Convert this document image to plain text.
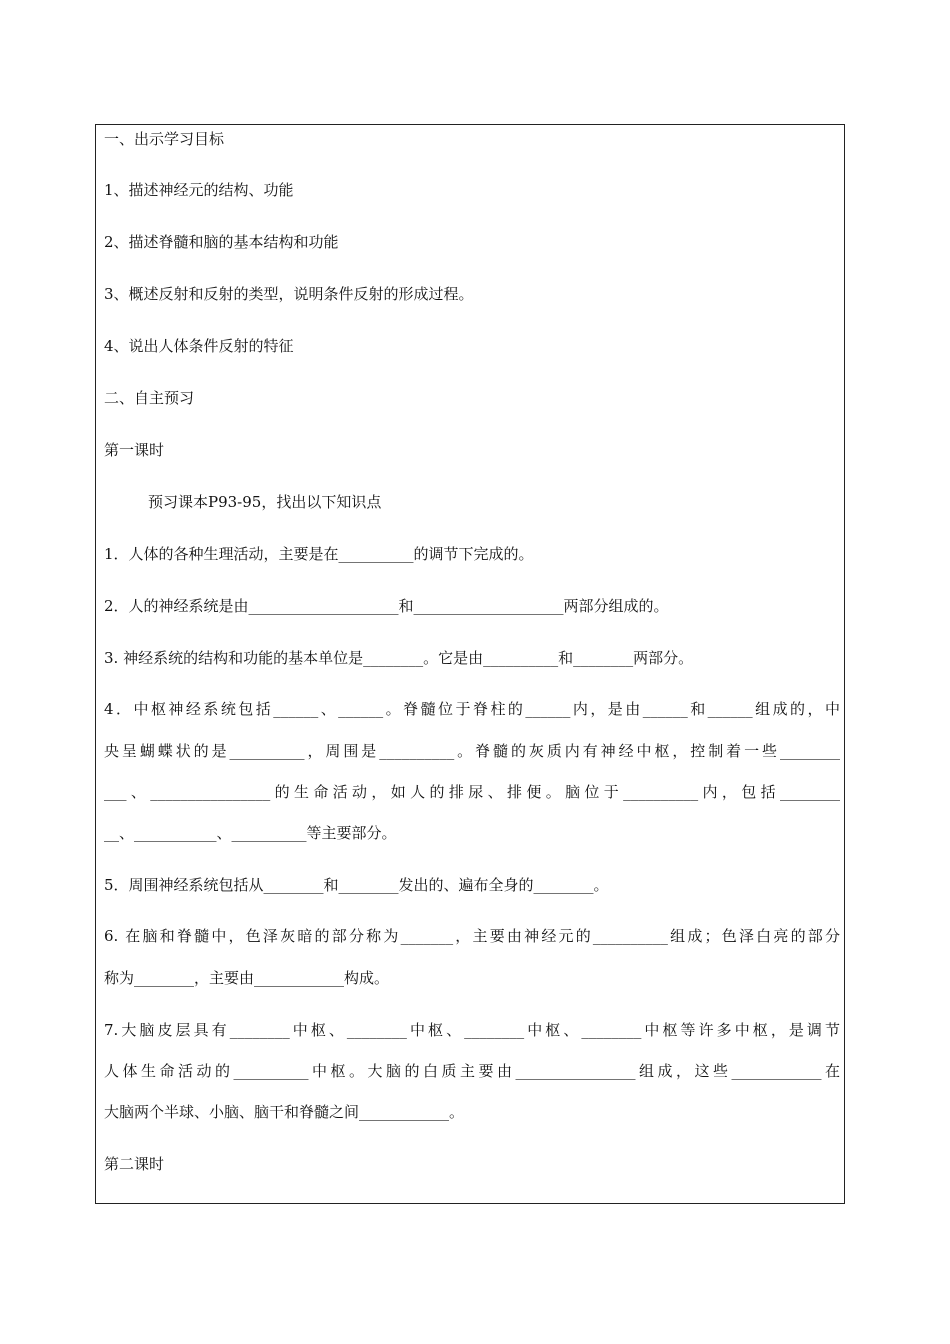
一、出示学习目标
1、描述神经元的结构、功能
2、描述脊髓和脑的基本结构和功能
3、概述反射和反射的类型，说明条件反射的形成过程。
4、说出人体条件反射的特征
二、自主预习
第一课时
预习课本P93-95，找出以下知识点
1．人体的各种生理活动，主要是在__________的调节下完成的。
2．人的神经系统是由____________________和____________________两部分组成的。
3. 神经系统的结构和功能的基本单位是________。它是由__________和________两部分。
4．中枢神经系统包括______、______。脊髓位于脊柱的______内，是由______和______组成的，中
央呈蝴蝶状的是__________，周围是__________。脊髓的灰质内有神经中枢，控制着一些________
___、________________的生命活动，如人的排尿、排便。脑位于__________内，包括________
__、___________、__________等主要部分。
5．周围神经系统包括从________和________发出的、遍布全身的________。
6. 在脑和脊髓中，色泽灰暗的部分称为_______，主要由神经元的__________组成；色泽白亮的部分
称为________，主要由____________构成。
7.大脑皮层具有________中枢、________中枢、________中枢、________中枢等许多中枢，是调节
人体生命活动的__________中枢。大脑的白质主要由________________组成，这些____________在
大脑两个半球、小脑、脑干和脊髓之间____________。
第二课时
